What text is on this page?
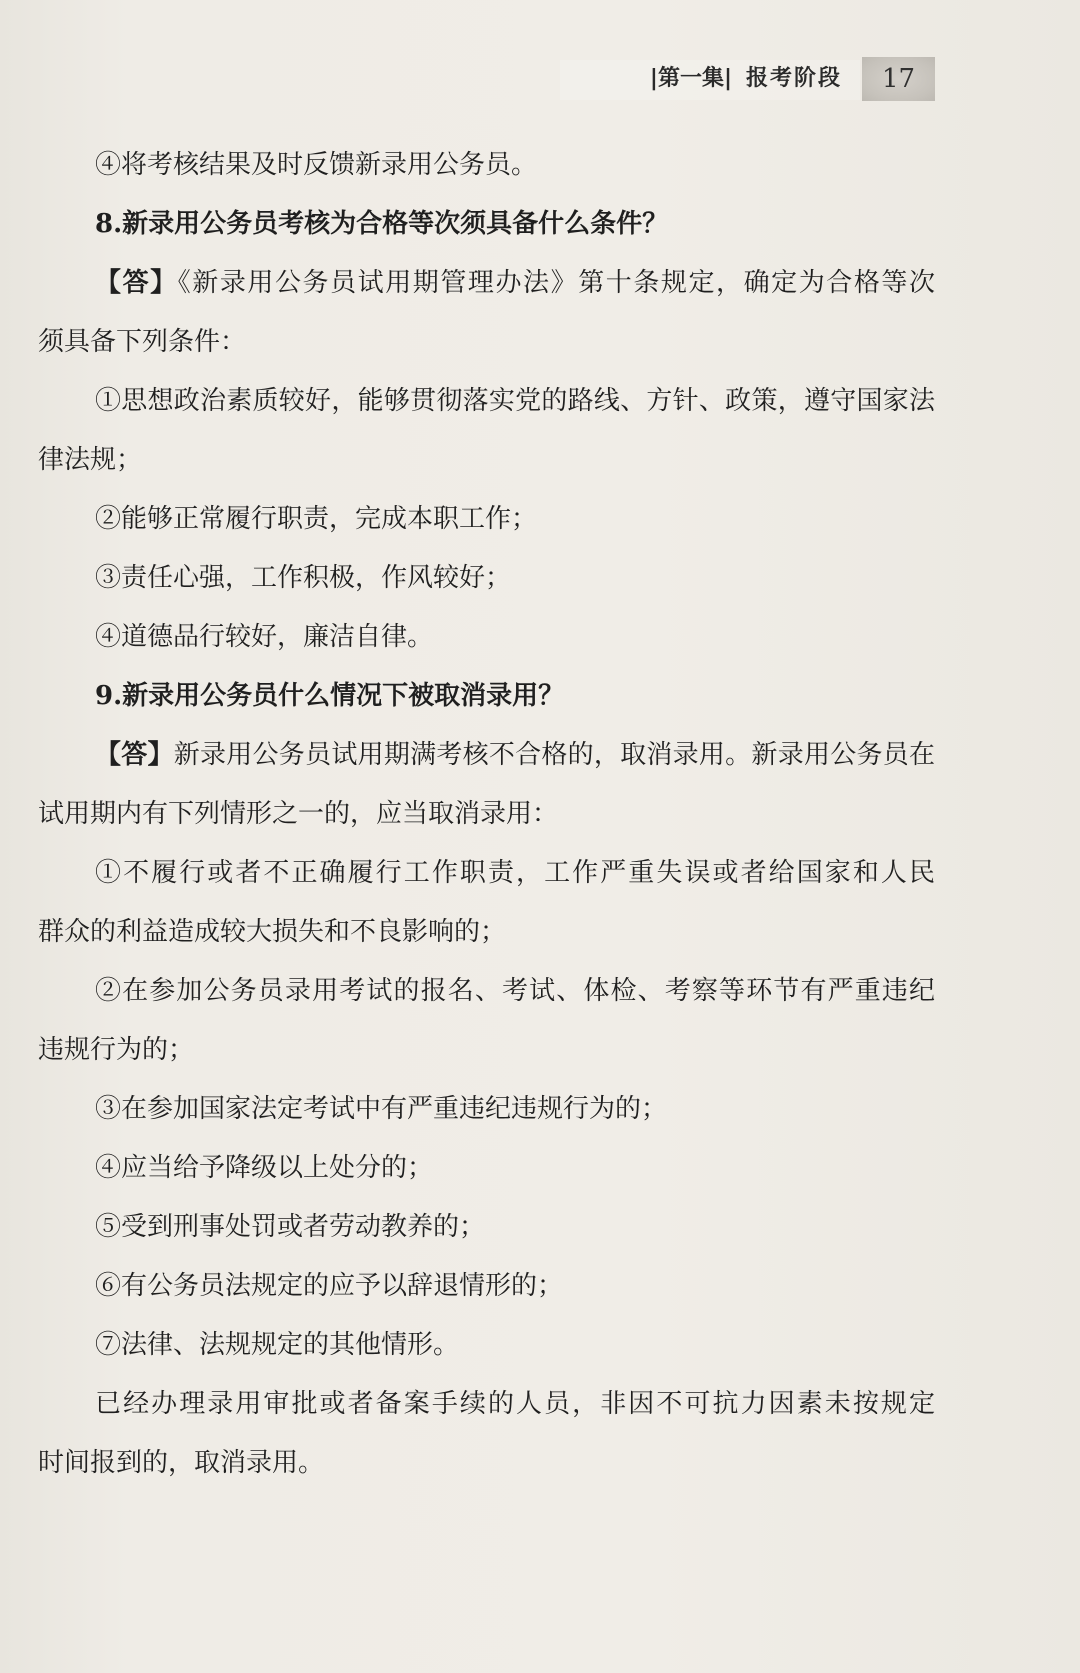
|第一集| 报考阶段	17
④将考核结果及时反馈新录用公务员。
8.新录用公务员考核为合格等次须具备什么条件？
【答】《新录用公务员试用期管理办法》第十条规定，确定为合格等次
须具备下列条件：
①思想政治素质较好，能够贯彻落实党的路线、方针、政策，遵守国家法
律法规；
②能够正常履行职责，完成本职工作；
③责任心强，工作积极，作风较好；
④道德品行较好，廉洁自律。
9.新录用公务员什么情况下被取消录用？
【答】新录用公务员试用期满考核不合格的，取消录用。新录用公务员在
试用期内有下列情形之一的，应当取消录用：
①不履行或者不正确履行工作职责，工作严重失误或者给国家和人民
群众的利益造成较大损失和不良影响的；
②在参加公务员录用考试的报名、考试、体检、考察等环节有严重违纪
违规行为的；
③在参加国家法定考试中有严重违纪违规行为的；
④应当给予降级以上处分的；
⑤受到刑事处罚或者劳动教养的；
⑥有公务员法规定的应予以辞退情形的；
⑦法律、法规规定的其他情形。
已经办理录用审批或者备案手续的人员，非因不可抗力因素未按规定
时间报到的，取消录用。
